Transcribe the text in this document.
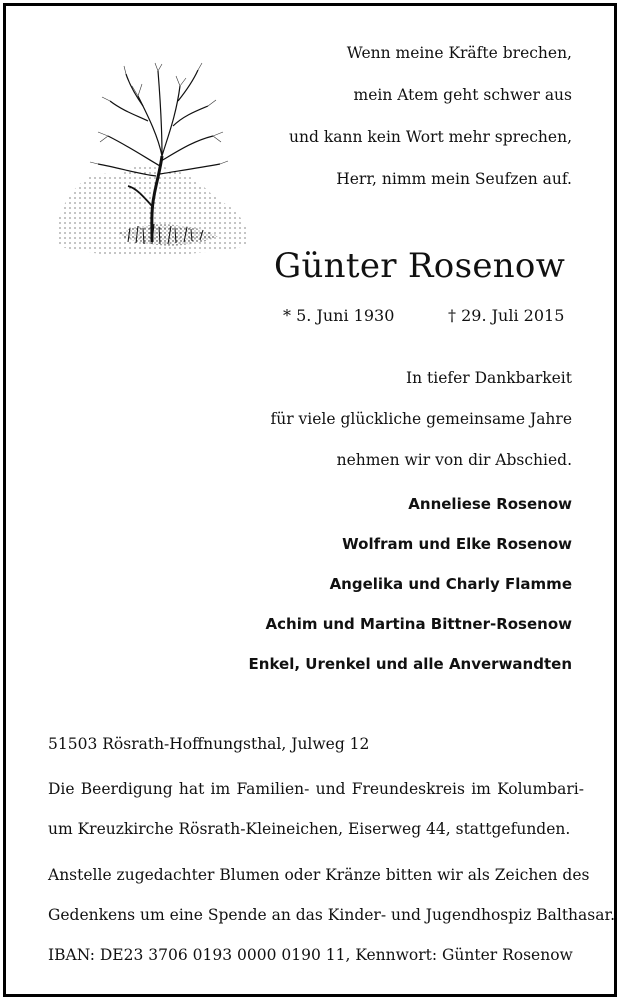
Wenn meine Kräfte brechen,
mein Atem geht schwer aus
und kann kein Wort mehr sprechen,
Herr, nimm mein Seufzen auf.
Günter Rosenow
* 5. Juni 1930	† 29. Juli 2015
In tiefer Dankbarkeit
für viele glückliche gemeinsame Jahre
nehmen wir von dir Abschied.
Anneliese Rosenow
Wolfram und Elke Rosenow
Angelika und Charly Flamme
Achim und Martina Bittner-Rosenow
Enkel, Urenkel und alle Anverwandten
51503 Rösrath-Hoffnungsthal, Julweg 12
Die Beerdigung hat im Familien- und Freundeskreis im Kolumbari-
um Kreuzkirche Rösrath-Kleineichen, Eiserweg 44, stattgefunden.
Anstelle zugedachter Blumen oder Kränze bitten wir als Zeichen des
Gedenkens um eine Spende an das Kinder- und Jugendhospiz Balthasar.
IBAN: DE23 3706 0193 0000 0190 11, Kennwort: Günter Rosenow
